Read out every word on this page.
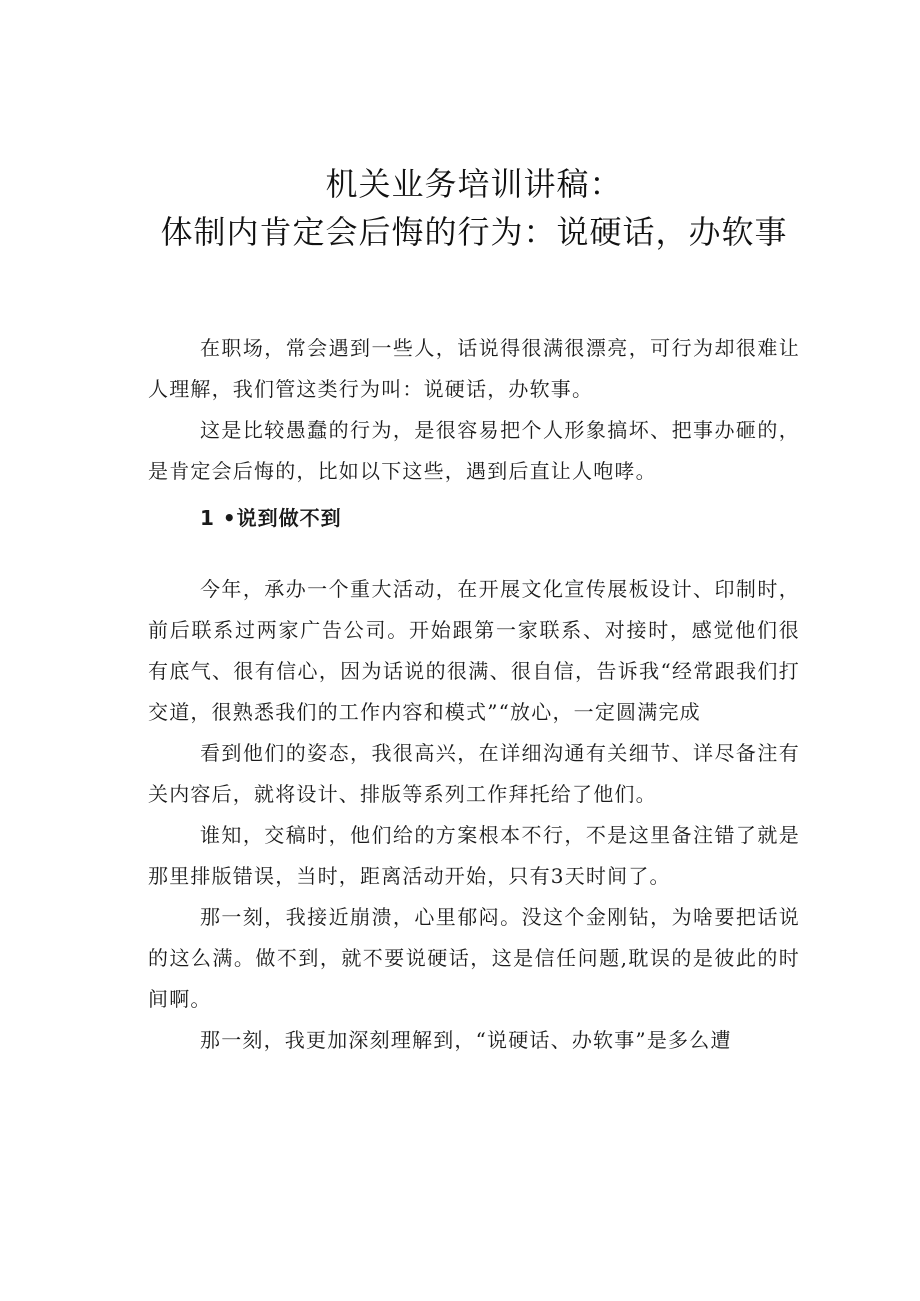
机关业务培训讲稿：
体制内肯定会后悔的行为：说硬话，办软事

在职场，常会遇到一些人，话说得很满很漂亮，可行为却很难让人理解，我们管这类行为叫：说硬话，办软事。

这是比较愚蠢的行为，是很容易把个人形象搞坏、把事办砸的，是肯定会后悔的，比如以下这些，遇到后直让人咆哮。

1 •说到做不到

今年，承办一个重大活动，在开展文化宣传展板设计、印制时，前后联系过两家广告公司。开始跟第一家联系、对接时，感觉他们很有底气、很有信心，因为话说的很满、很自信，告诉我“经常跟我们打交道，很熟悉我们的工作内容和模式”“放心，一定圆满完成

看到他们的姿态，我很高兴，在详细沟通有关细节、详尽备注有关内容后，就将设计、排版等系列工作拜托给了他们。

谁知，交稿时，他们给的方案根本不行，不是这里备注错了就是那里排版错误，当时，距离活动开始，只有3天时间了。

那一刻，我接近崩溃，心里郁闷。没这个金刚钻，为啥要把话说的这么满。做不到，就不要说硬话，这是信任问题,耽误的是彼此的时间啊。

那一刻，我更加深刻理解到，“说硬话、办软事”是多么遭
